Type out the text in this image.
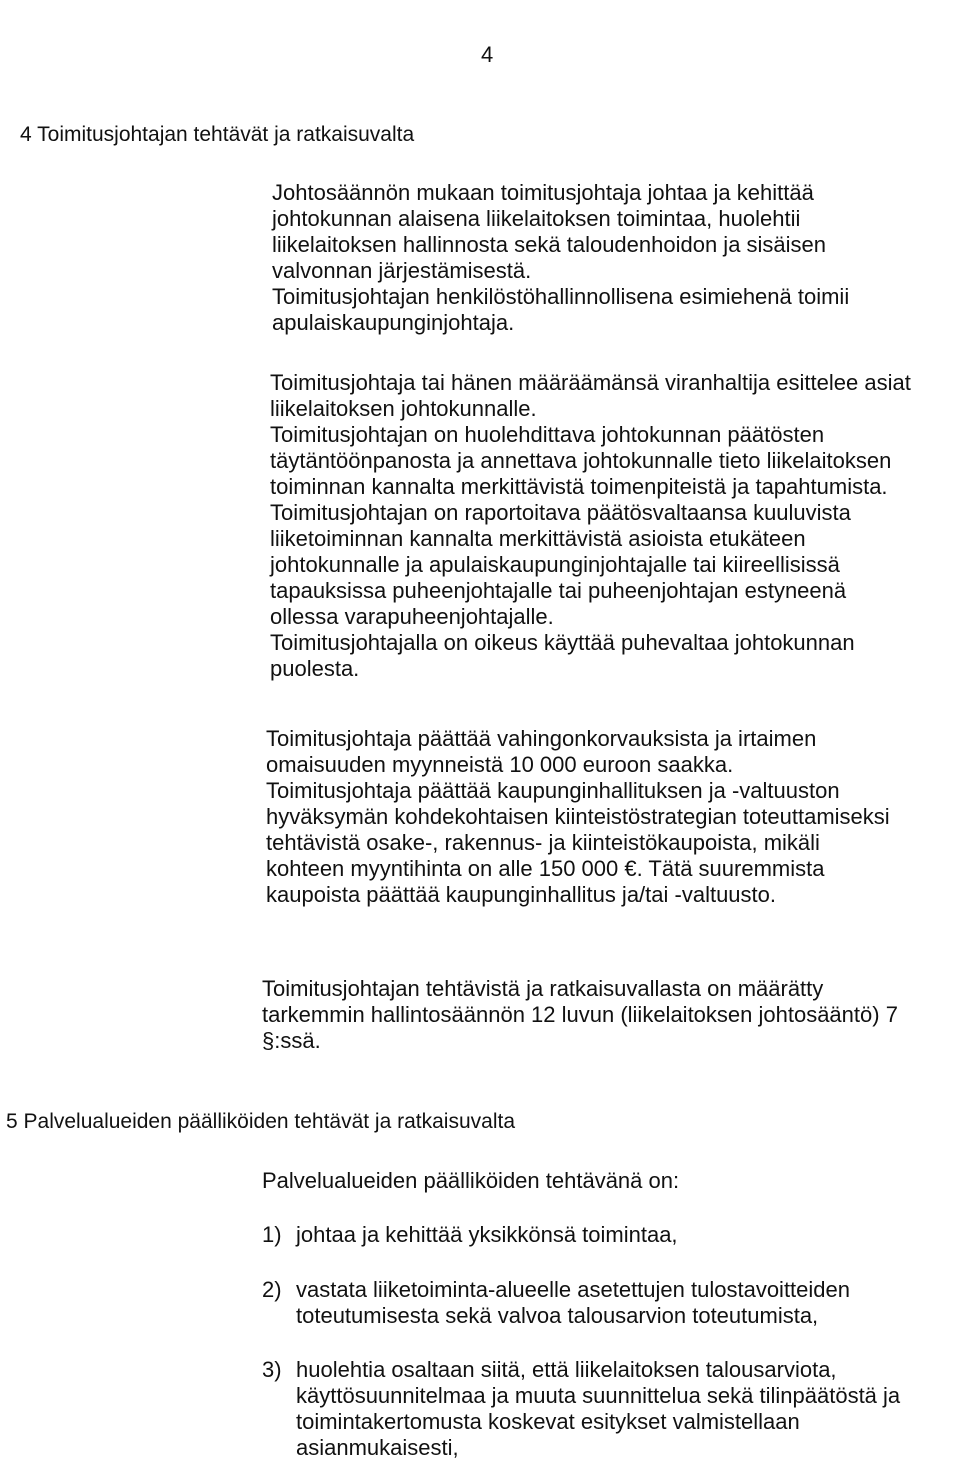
4
4 Toimitusjohtajan tehtävät ja ratkaisuvalta
Johtosäännön mukaan toimitusjohtaja johtaa ja kehittää
johtokunnan alaisena liikelaitoksen toimintaa, huolehtii
liikelaitoksen hallinnosta sekä taloudenhoidon ja sisäisen
valvonnan järjestämisestä.
Toimitusjohtajan henkilöstöhallinnollisena esimiehenä toimii
apulaiskaupunginjohtaja.
Toimitusjohtaja tai hänen määräämänsä viranhaltija esittelee asiat
liikelaitoksen johtokunnalle.
Toimitusjohtajan on huolehdittava johtokunnan päätösten
täytäntöönpanosta ja annettava johtokunnalle tieto liikelaitoksen
toiminnan kannalta merkittävistä toimenpiteistä ja tapahtumista.
Toimitusjohtajan on raportoitava päätösvaltaansa kuuluvista
liiketoiminnan kannalta merkittävistä asioista etukäteen
johtokunnalle ja apulaiskaupunginjohtajalle tai kiireellisissä
tapauksissa puheenjohtajalle tai puheenjohtajan estyneenä
ollessa varapuheenjohtajalle.
Toimitusjohtajalla on oikeus käyttää puhevaltaa johtokunnan
puolesta.
Toimitusjohtaja päättää vahingonkorvauksista ja irtaimen
omaisuuden myynneistä 10 000 euroon saakka.
Toimitusjohtaja päättää kaupunginhallituksen ja -valtuuston
hyväksymän kohdekohtaisen kiinteistöstrategian toteuttamiseksi
tehtävistä osake-, rakennus- ja kiinteistökaupoista, mikäli
kohteen myyntihinta on alle 150 000 €. Tätä suuremmista
kaupoista päättää kaupunginhallitus ja/tai -valtuusto.
Toimitusjohtajan tehtävistä ja ratkaisuvallasta on määrätty
tarkemmin hallintosäännön 12 luvun (liikelaitoksen johtosääntö) 7
§:ssä.
5 Palvelualueiden päälliköiden tehtävät ja ratkaisuvalta
Palvelualueiden päälliköiden tehtävänä on:
1) johtaa ja kehittää yksikkönsä toimintaa,
2) vastata liiketoiminta-alueelle asetettujen tulostavoitteiden
toteutumisesta sekä valvoa talousarvion toteutumista,
3) huolehtia osaltaan siitä, että liikelaitoksen talousarviota,
käyttösuunnitelmaa ja muuta suunnittelua sekä tilinpäätöstä ja
toimintakertomusta koskevat esitykset valmistellaan
asianmukaisesti,
